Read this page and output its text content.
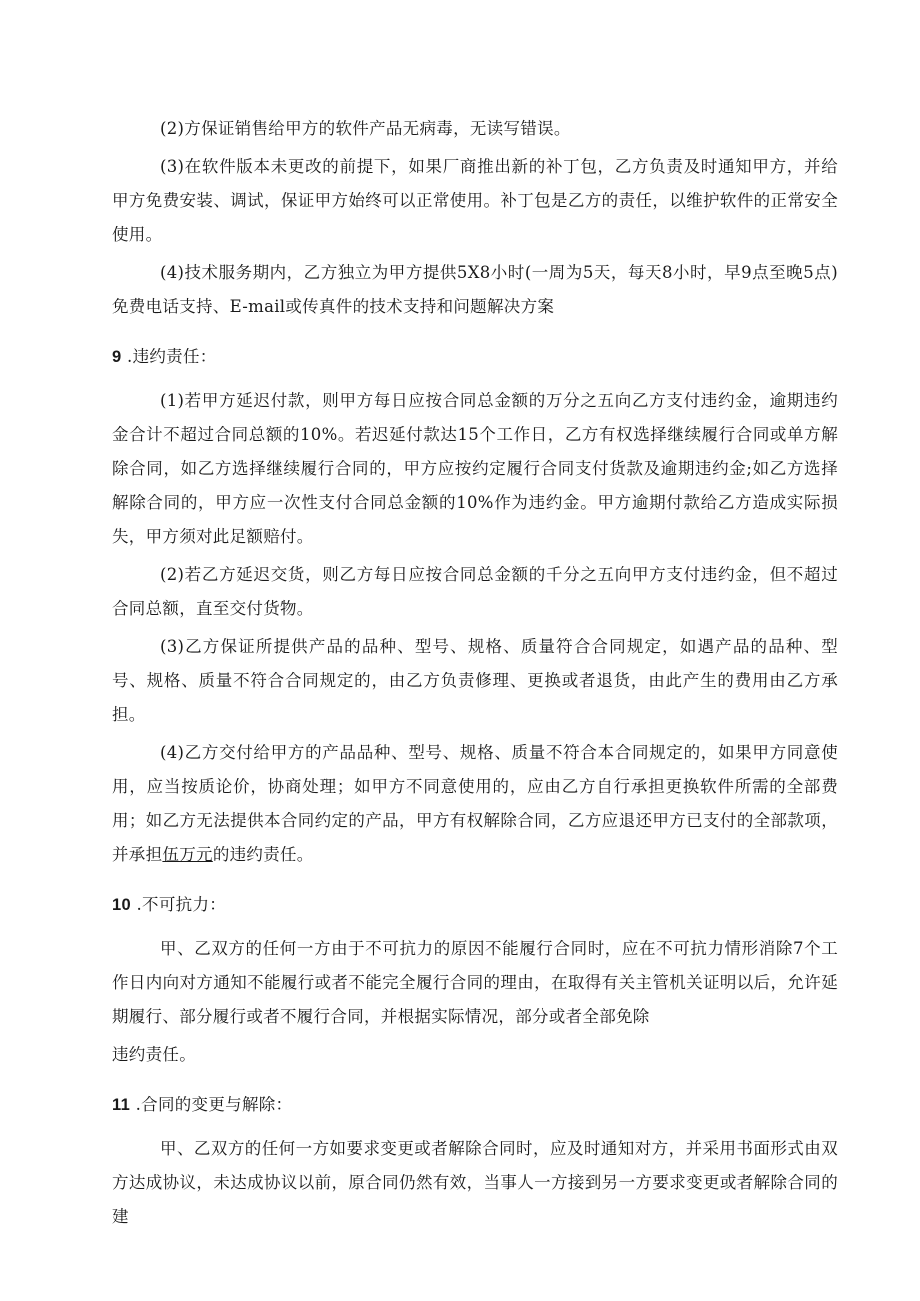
(2)方保证销售给甲方的软件产品无病毒，无读写错误。

(3)在软件版本未更改的前提下，如果厂商推出新的补丁包，乙方负责及时通知甲方，并给甲方免费安装、调试，保证甲方始终可以正常使用。补丁包是乙方的责任，以维护软件的正常安全使用。

(4)技术服务期内，乙方独立为甲方提供5X8小时(一周为5天，每天8小时，早9点至晚5点)免费电话支持、E-mail或传真件的技术支持和问题解决方案

9 .违约责任：

(1)若甲方延迟付款，则甲方每日应按合同总金额的万分之五向乙方支付违约金，逾期违约金合计不超过合同总额的10%。若迟延付款达15个工作日，乙方有权选择继续履行合同或单方解除合同，如乙方选择继续履行合同的，甲方应按约定履行合同支付货款及逾期违约金;如乙方选择解除合同的，甲方应一次性支付合同总金额的10%作为违约金。甲方逾期付款给乙方造成实际损失，甲方须对此足额赔付。

(2)若乙方延迟交货，则乙方每日应按合同总金额的千分之五向甲方支付违约金，但不超过合同总额，直至交付货物。

(3)乙方保证所提供产品的品种、型号、规格、质量符合合同规定，如遇产品的品种、型号、规格、质量不符合合同规定的，由乙方负责修理、更换或者退货，由此产生的费用由乙方承担。

(4)乙方交付给甲方的产品品种、型号、规格、质量不符合本合同规定的，如果甲方同意使用，应当按质论价，协商处理；如甲方不同意使用的，应由乙方自行承担更换软件所需的全部费用；如乙方无法提供本合同约定的产品，甲方有权解除合同，乙方应退还甲方已支付的全部款项，并承担伍万元的违约责任。

10 .不可抗力：

甲、乙双方的任何一方由于不可抗力的原因不能履行合同时，应在不可抗力情形消除7个工作日内向对方通知不能履行或者不能完全履行合同的理由，在取得有关主管机关证明以后，允许延期履行、部分履行或者不履行合同，并根据实际情况，部分或者全部免除

违约责任。

11 .合同的变更与解除：

甲、乙双方的任何一方如要求变更或者解除合同时，应及时通知对方，并采用书面形式由双方达成协议，未达成协议以前，原合同仍然有效，当事人一方接到另一方要求变更或者解除合同的建
